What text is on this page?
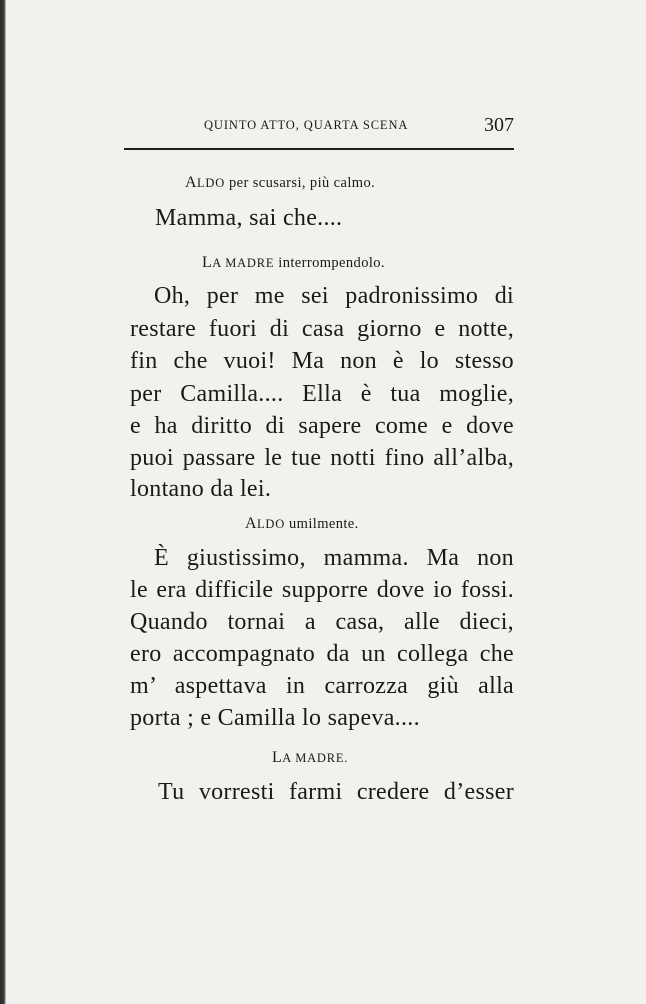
QUINTO ATTO, QUARTA SCENA	307
ALDO per scusarsi, più calmo.
Mamma, sai che....
LA MADRE interrompendolo.
Oh, per me sei padronissimo di
restare fuori di casa giorno e notte,
fin che vuoi! Ma non è lo stesso
per Camilla.... Ella è tua moglie,
e ha diritto di sapere come e dove
puoi passare le tue notti fino all’alba,
lontano da lei.
ALDO umilmente.
È giustissimo, mamma. Ma non
le era difficile supporre dove io fossi.
Quando tornai a casa, alle dieci,
ero accompagnato da un collega che
m’ aspettava in carrozza giù alla
porta ; e Camilla lo sapeva....
LA MADRE.
Tu vorresti farmi credere d’esser
